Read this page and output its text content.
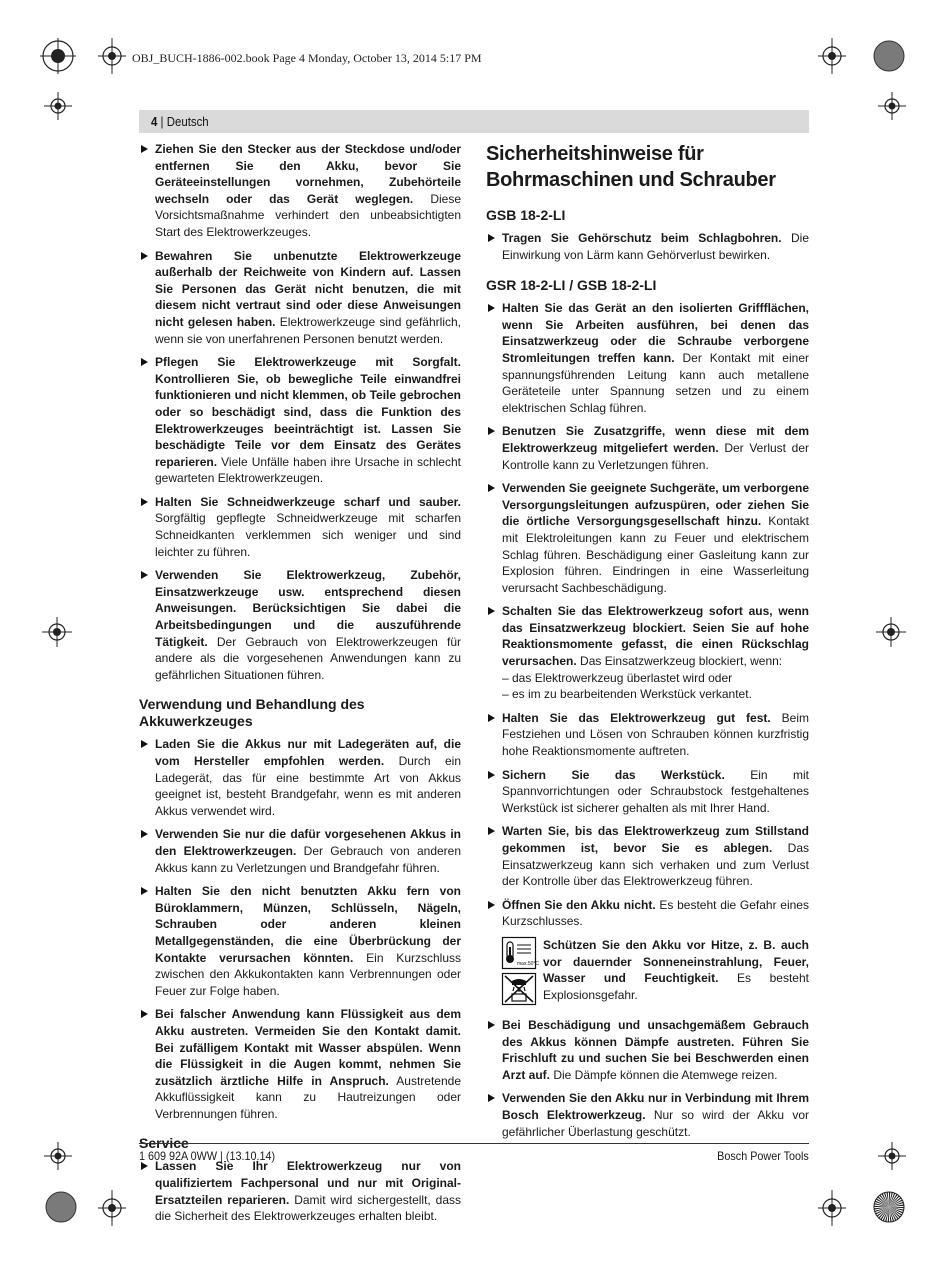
OBJ_BUCH-1886-002.book Page 4 Monday, October 13, 2014 5:17 PM
4 | Deutsch
Ziehen Sie den Stecker aus der Steckdose und/oder entfernen Sie den Akku, bevor Sie Geräteeinstellungen vornehmen, Zubehörteile wechseln oder das Gerät weglegen. Diese Vorsichtsmaßnahme verhindert den unbeabsichtigten Start des Elektrowerkzeuges.
Bewahren Sie unbenutzte Elektrowerkzeuge außerhalb der Reichweite von Kindern auf. Lassen Sie Personen das Gerät nicht benutzen, die mit diesem nicht vertraut sind oder diese Anweisungen nicht gelesen haben. Elektrowerkzeuge sind gefährlich, wenn sie von unerfahrenen Personen benutzt werden.
Pflegen Sie Elektrowerkzeuge mit Sorgfalt. Kontrollieren Sie, ob bewegliche Teile einwandfrei funktionieren und nicht klemmen, ob Teile gebrochen oder so beschädigt sind, dass die Funktion des Elektrowerkzeuges beeinträchtigt ist. Lassen Sie beschädigte Teile vor dem Einsatz des Gerätes reparieren. Viele Unfälle haben ihre Ursache in schlecht gewarteten Elektrowerkzeugen.
Halten Sie Schneidwerkzeuge scharf und sauber. Sorgfältig gepflegte Schneidwerkzeuge mit scharfen Schneidkanten verklemmen sich weniger und sind leichter zu führen.
Verwenden Sie Elektrowerkzeug, Zubehör, Einsatzwerkzeuge usw. entsprechend diesen Anweisungen. Berücksichtigen Sie dabei die Arbeitsbedingungen und die auszuführende Tätigkeit. Der Gebrauch von Elektrowerkzeugen für andere als die vorgesehenen Anwendungen kann zu gefährlichen Situationen führen.
Verwendung und Behandlung des Akkuwerkzeuges
Laden Sie die Akkus nur mit Ladegeräten auf, die vom Hersteller empfohlen werden. Durch ein Ladegerät, das für eine bestimmte Art von Akkus geeignet ist, besteht Brandgefahr, wenn es mit anderen Akkus verwendet wird.
Verwenden Sie nur die dafür vorgesehenen Akkus in den Elektrowerkzeugen. Der Gebrauch von anderen Akkus kann zu Verletzungen und Brandgefahr führen.
Halten Sie den nicht benutzten Akku fern von Büroklammern, Münzen, Schlüsseln, Nägeln, Schrauben oder anderen kleinen Metallgegenständen, die eine Überbrückung der Kontakte verursachen könnten. Ein Kurzschluss zwischen den Akkukontakten kann Verbrennungen oder Feuer zur Folge haben.
Bei falscher Anwendung kann Flüssigkeit aus dem Akku austreten. Vermeiden Sie den Kontakt damit. Bei zufälligem Kontakt mit Wasser abspülen. Wenn die Flüssigkeit in die Augen kommt, nehmen Sie zusätzlich ärztliche Hilfe in Anspruch. Austretende Akkuflüssigkeit kann zu Hautreizungen oder Verbrennungen führen.
Service
Lassen Sie Ihr Elektrowerkzeug nur von qualifiziertem Fachpersonal und nur mit Original-Ersatzteilen reparieren. Damit wird sichergestellt, dass die Sicherheit des Elektrowerkzeuges erhalten bleibt.
Sicherheitshinweise für Bohrmaschinen und Schrauber
GSB 18-2-LI
Tragen Sie Gehörschutz beim Schlagbohren. Die Einwirkung von Lärm kann Gehörverlust bewirken.
GSR 18-2-LI / GSB 18-2-LI
Halten Sie das Gerät an den isolierten Griffflächen, wenn Sie Arbeiten ausführen, bei denen das Einsatzwerkzeug oder die Schraube verborgene Stromleitungen treffen kann. Der Kontakt mit einer spannungsführenden Leitung kann auch metallene Geräteteile unter Spannung setzen und zu einem elektrischen Schlag führen.
Benutzen Sie Zusatzgriffe, wenn diese mit dem Elektrowerkzeug mitgeliefert werden. Der Verlust der Kontrolle kann zu Verletzungen führen.
Verwenden Sie geeignete Suchgeräte, um verborgene Versorgungsleitungen aufzuspüren, oder ziehen Sie die örtliche Versorgungsgesellschaft hinzu. Kontakt mit Elektroleitungen kann zu Feuer und elektrischem Schlag führen. Beschädigung einer Gasleitung kann zur Explosion führen. Eindringen in eine Wasserleitung verursacht Sachbeschädigung.
Schalten Sie das Elektrowerkzeug sofort aus, wenn das Einsatzwerkzeug blockiert. Seien Sie auf hohe Reaktionsmomente gefasst, die einen Rückschlag verursachen. Das Einsatzwerkzeug blockiert, wenn:
– das Elektrowerkzeug überlastet wird oder
– es im zu bearbeitenden Werkstück verkantet.
Halten Sie das Elektrowerkzeug gut fest. Beim Festziehen und Lösen von Schrauben können kurzfristig hohe Reaktionsmomente auftreten.
Sichern Sie das Werkstück. Ein mit Spannvorrichtungen oder Schraubstock festgehaltenes Werkstück ist sicherer gehalten als mit Ihrer Hand.
Warten Sie, bis das Elektrowerkzeug zum Stillstand gekommen ist, bevor Sie es ablegen. Das Einsatzwerkzeug kann sich verhaken und zum Verlust der Kontrolle über das Elektrowerkzeug führen.
Öffnen Sie den Akku nicht. Es besteht die Gefahr eines Kurzschlusses.
max.50°C
Schützen Sie den Akku vor Hitze, z. B. auch vor dauernder Sonneneinstrahlung, Feuer, Wasser und Feuchtigkeit. Es besteht Explosionsgefahr.
Bei Beschädigung und unsachgemäßem Gebrauch des Akkus können Dämpfe austreten. Führen Sie Frischluft zu und suchen Sie bei Beschwerden einen Arzt auf. Die Dämpfe können die Atemwege reizen.
Verwenden Sie den Akku nur in Verbindung mit Ihrem Bosch Elektrowerkzeug. Nur so wird der Akku vor gefährlicher Überlastung geschützt.
1 609 92A 0WW | (13.10.14)	Bosch Power Tools
